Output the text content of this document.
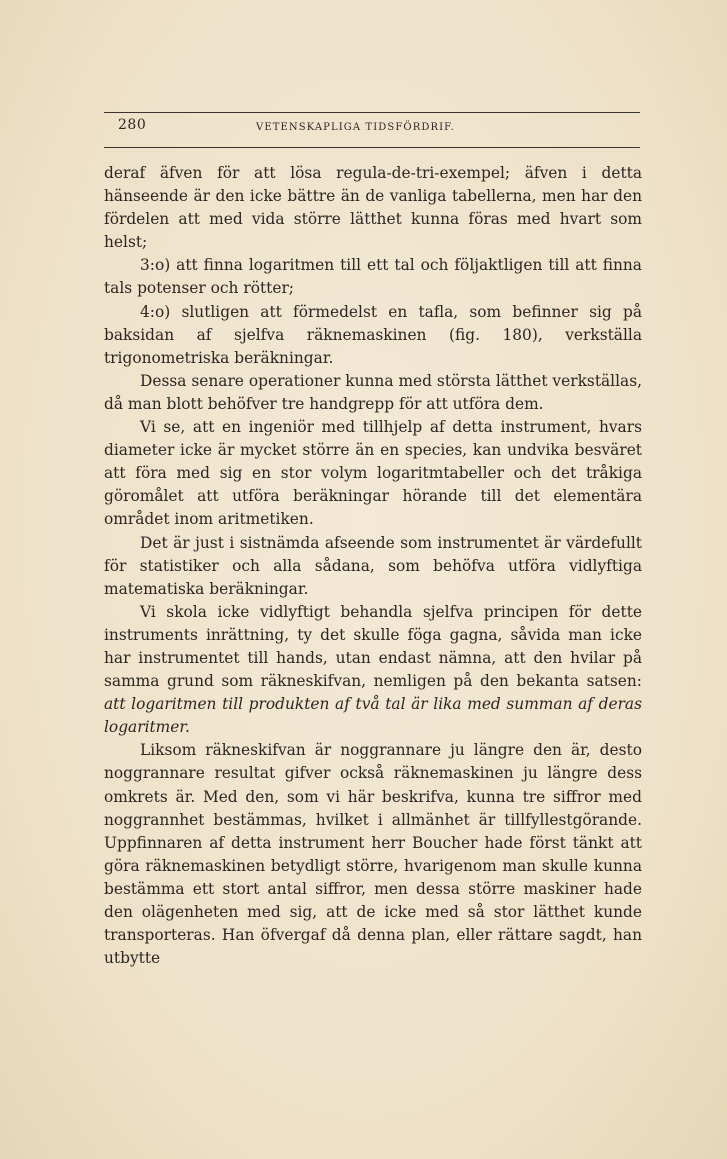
280	VETENSKAPLIGA TIDSFÖRDRIF.

deraf äfven för att lösa regula-de-tri-exempel; äfven i detta hänseende är den icke bättre än de vanliga tabellerna, men har den fördelen att med vida större lätthet kunna föras med hvart som helst;

3:o) att finna logaritmen till ett tal och följaktligen till att finna tals potenser och rötter;

4:o) slutligen att förmedelst en tafla, som befinner sig på baksidan af sjelfva räknemaskinen (fig. 180), verkställa trigonometriska beräkningar.

Dessa senare operationer kunna med största lätthet verkställas, då man blott behöfver tre handgrepp för att utföra dem.

Vi se, att en ingeniör med tillhjelp af detta instrument, hvars diameter icke är mycket större än en species, kan undvika besväret att föra med sig en stor volym logaritmtabeller och det tråkiga göromålet att utföra beräkningar hörande till det elementära området inom aritmetiken.

Det är just i sistnämda afseende som instrumentet är värdefullt för statistiker och alla sådana, som behöfva utföra vidlyftiga matematiska beräkningar.

Vi skola icke vidlyftigt behandla sjelfva principen för dette instruments inrättning, ty det skulle föga gagna, såvida man icke har instrumentet till hands, utan endast nämna, att den hvilar på samma grund som räkneskifvan, nemligen på den bekanta satsen: att logaritmen till produkten af två tal är lika med summan af deras logaritmer.

Liksom räkneskifvan är noggrannare ju längre den är, desto noggrannare resultat gifver också räknemaskinen ju längre dess omkrets är. Med den, som vi här beskrifva, kunna tre siffror med noggrannhet bestämmas, hvilket i allmänhet är tillfyllestgörande. Uppfinnaren af detta instrument herr Boucher hade först tänkt att göra räknemaskinen betydligt större, hvarigenom man skulle kunna bestämma ett stort antal siffror, men dessa större maskiner hade den olägenheten med sig, att de icke med så stor lätthet kunde transporteras. Han öfvergaf då denna plan, eller rättare sagdt, han utbytte
